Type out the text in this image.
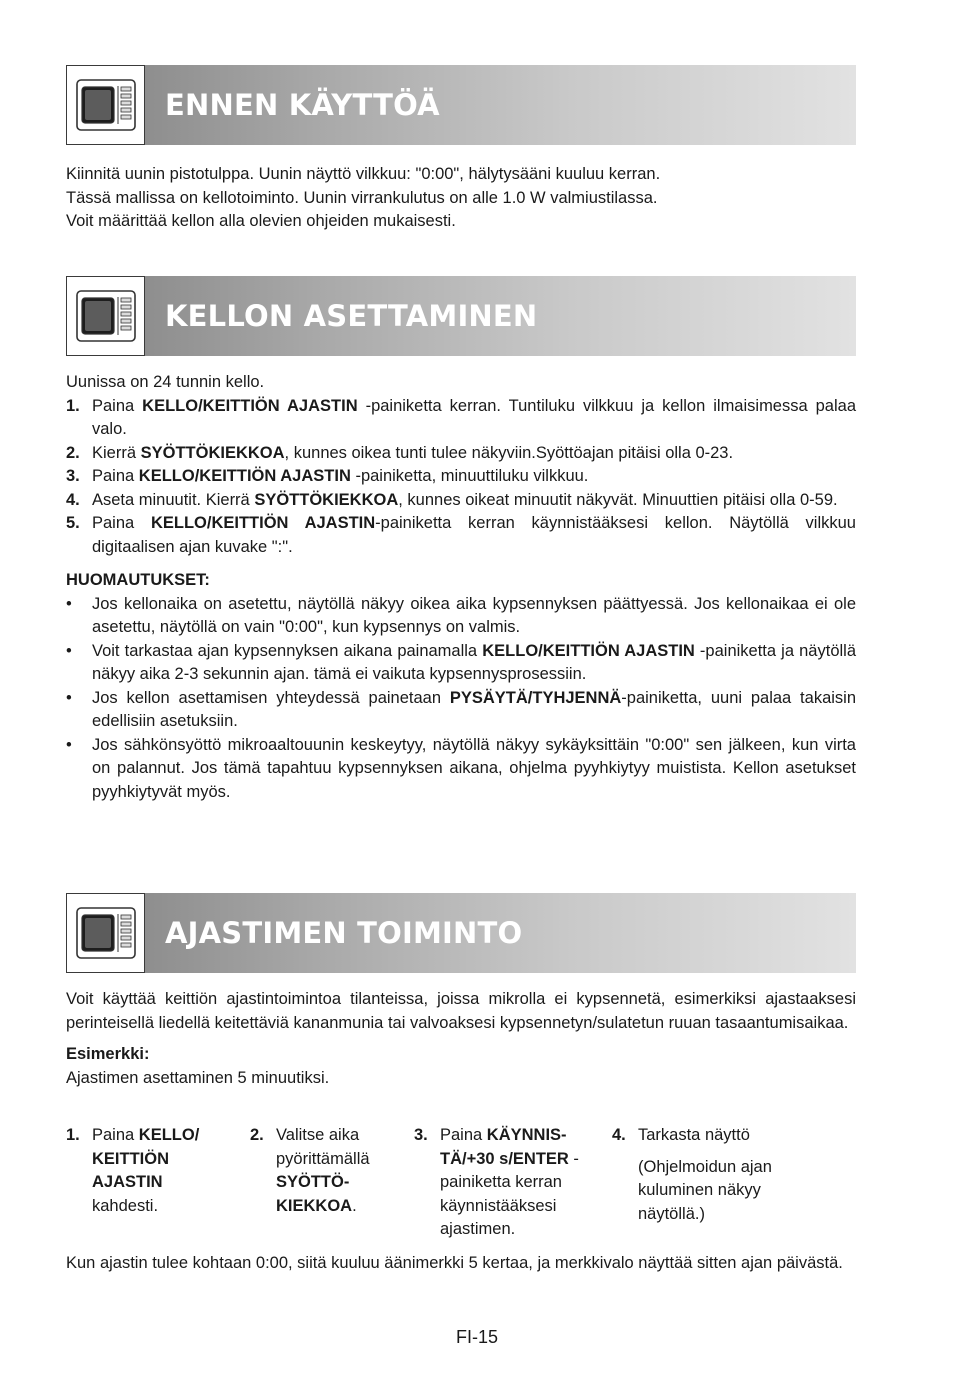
ENNEN KÄYTTÖÄ

Kiinnitä uunin pistotulppa. Uunin näyttö vilkkuu: "0:00", hälytysääni kuuluu kerran.

Tässä mallissa on kellotoiminto. Uunin virrankulutus on alle 1.0 W valmiustilassa.

Voit määrittää kellon alla olevien ohjeiden mukaisesti.

KELLON ASETTAMINEN

Uunissa on 24 tunnin kello.

1. Paina KELLO/KEITTIÖN AJASTIN -painiketta kerran. Tuntiluku vilkkuu ja kellon ilmaisimessa palaa valo.
2. Kierrä SYÖTTÖKIEKKOA, kunnes oikea tunti tulee näkyviin.Syöttöajan pitäisi olla 0-23.
3. Paina KELLO/KEITTIÖN AJASTIN -painiketta, minuuttiluku vilkkuu.
4. Aseta minuutit. Kierrä SYÖTTÖKIEKKOA, kunnes oikeat minuutit näkyvät. Minuuttien pitäisi olla 0-59.
5. Paina KELLO/KEITTIÖN AJASTIN-painiketta kerran käynnistääksesi kellon. Näytöllä vilkkuu digitaalisen ajan kuvake ":".

HUOMAUTUKSET:

•	Jos kellonaika on asetettu, näytöllä näkyy oikea aika kypsennyksen päättyessä. Jos kellonaikaa ei ole asetettu, näytöllä on vain "0:00", kun kypsennys on valmis.
•	Voit tarkastaa ajan kypsennyksen aikana painamalla KELLO/KEITTIÖN AJASTIN -painiketta ja näytöllä näkyy aika 2-3 sekunnin ajan. tämä ei vaikuta kypsennysprosessiin.
•	Jos kellon asettamisen yhteydessä painetaan PYSÄYTÄ/TYHJENNÄ-painiketta, uuni palaa takaisin edellisiin asetuksiin.
•	Jos sähkönsyöttö mikroaaltouunin keskeytyy, näytöllä näkyy sykäyksittäin "0:00" sen jälkeen, kun virta on palannut. Jos tämä tapahtuu kypsennyksen aikana, ohjelma pyyhkiytyy muistista. Kellon asetukset pyyhkiytyvät myös.
AJASTIMEN TOIMINTO

Voit käyttää keittiön ajastintoimintoa tilanteissa, joissa mikrolla ei kypsennetä, esimerkiksi ajastaaksesi perinteisellä liedellä keitettäviä kananmunia tai valvoaksesi kypsennetyn/sulatetun ruuan tasaantumisaikaa.

Esimerkki:

Ajastimen asettaminen 5 minuutiksi.

1. Paina KELLO/ KEITTIÖN AJASTIN kahdesti.
2. Valitse aika pyörittämällä SYÖTTÖ-KIEKKOA.
3. Paina KÄYNNIS-TÄ/+30 s/ENTER -painiketta kerran käynnistääksesi ajastimen.
4. Tarkasta näyttö
(Ohjelmoidun ajan kuluminen näkyy näytöllä.)

Kun ajastin tulee kohtaan 0:00, siitä kuuluu äänimerkki 5 kertaa, ja merkkivalo näyttää sitten ajan päivästä.

FI-15
